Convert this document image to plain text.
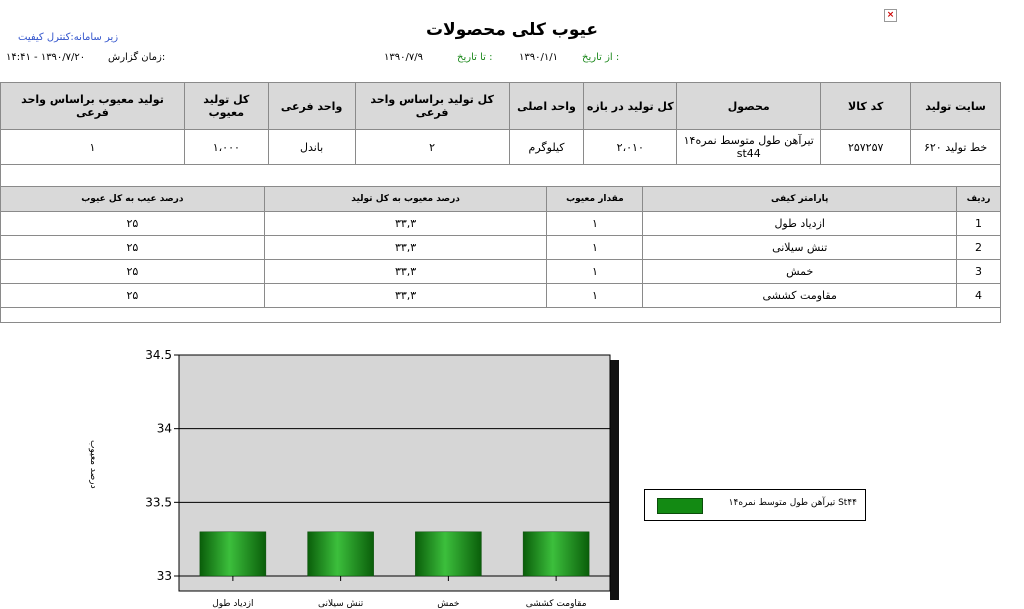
عیوب کلی محصولات
زیر سامانه:کنترل کیفیت
×
۱۴:۴۱ - ۱۳۹۰/۷/۲۰ زمان گزارش:	۱۳۹۰/۷/۹	تا تاریخ :	۱۳۹۰/۱/۱ از تاریخ :
سایت تولید	کد کالا	محصول	کل تولید در بازه	واحد اصلی	کل تولید براساس واحد فرعی	واحد فرعی	کل تولید معیوب	تولید معیوب براساس واحد فرعی
خط تولید ۶۲۰	۲۵۷۲۵۷	تیرآهن طول متوسط نمره۱۴ st44	۲،۰۱۰	کیلوگرم	۲	باندل	۱،۰۰۰	۱
ردیف	پارامتر کیفی	مقدار معیوب	درصد معیوب به کل تولید	درصد عیب به کل عیوب
1	ازدیاد طول	۱	۳۳,۳	۲۵
2	تنش سیلانی	۱	۳۳,۳	۲۵
3	خمش	۱	۳۳,۳	۲۵
4	مقاومت کششی	۱	۳۳,۳	۲۵
33
33.5
34
34.5
ازدیاد طول	تنش سیلانی	خمش	مقاومت کششی
درصد معیوب
St۴۴ تیرآهن طول متوسط نمره۱۴
